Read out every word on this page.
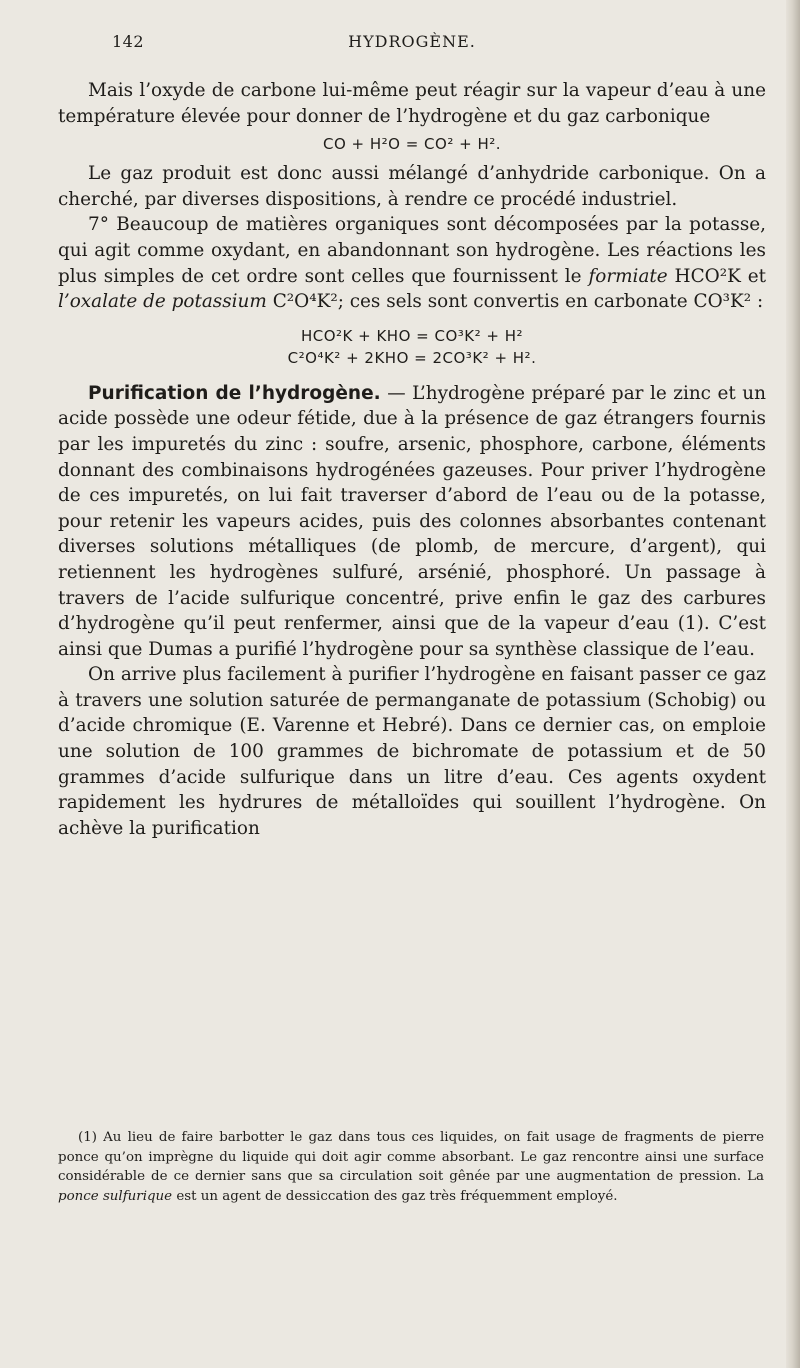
142	HYDROGÈNE.

Mais l’oxyde de carbone lui-même peut réagir sur la vapeur d’eau à une température élevée pour donner de l’hydrogène et du gaz carbonique

CO + H²O = CO² + H².

Le gaz produit est donc aussi mélangé d’anhydride carbonique. On a cherché, par diverses dispositions, à rendre ce procédé industriel.

7° Beaucoup de matières organiques sont décomposées par la potasse, qui agit comme oxydant, en abandonnant son hydrogène. Les réactions les plus simples de cet ordre sont celles que fournissent le formiate HCO²K et l’oxalate de potassium C²O⁴K²; ces sels sont convertis en carbonate CO³K² :

HCO²K + KHO = CO³K² + H²
C²O⁴K² + 2KHO = 2CO³K² + H².

Purification de l’hydrogène. — L’hydrogène préparé par le zinc et un acide possède une odeur fétide, due à la présence de gaz étrangers fournis par les impuretés du zinc : soufre, arsenic, phosphore, carbone, éléments donnant des combinaisons hydrogénées gazeuses. Pour priver l’hydrogène de ces impuretés, on lui fait traverser d’abord de l’eau ou de la potasse, pour retenir les vapeurs acides, puis des colonnes absorbantes contenant diverses solutions métalliques (de plomb, de mercure, d’argent), qui retiennent les hydrogènes sulfuré, arsénié, phosphoré. Un passage à travers de l’acide sulfurique concentré, prive enfin le gaz des carbures d’hydrogène qu’il peut renfermer, ainsi que de la vapeur d’eau (1). C’est ainsi que Dumas a purifié l’hydrogène pour sa synthèse classique de l’eau.

On arrive plus facilement à purifier l’hydrogène en faisant passer ce gaz à travers une solution saturée de permanganate de potassium (Schobig) ou d’acide chromique (E. Varenne et Hebré). Dans ce dernier cas, on emploie une solution de 100 grammes de bichromate de potassium et de 50 grammes d’acide sulfurique dans un litre d’eau. Ces agents oxydent rapidement les hydrures de métalloïdes qui souillent l’hydrogène. On achève la purification

(1) Au lieu de faire barbotter le gaz dans tous ces liquides, on fait usage de fragments de pierre ponce qu’on imprègne du liquide qui doit agir comme absorbant. Le gaz rencontre ainsi une surface considérable de ce dernier sans que sa circulation soit gênée par une augmentation de pression. La ponce sulfurique est un agent de dessiccation des gaz très fréquemment employé.
